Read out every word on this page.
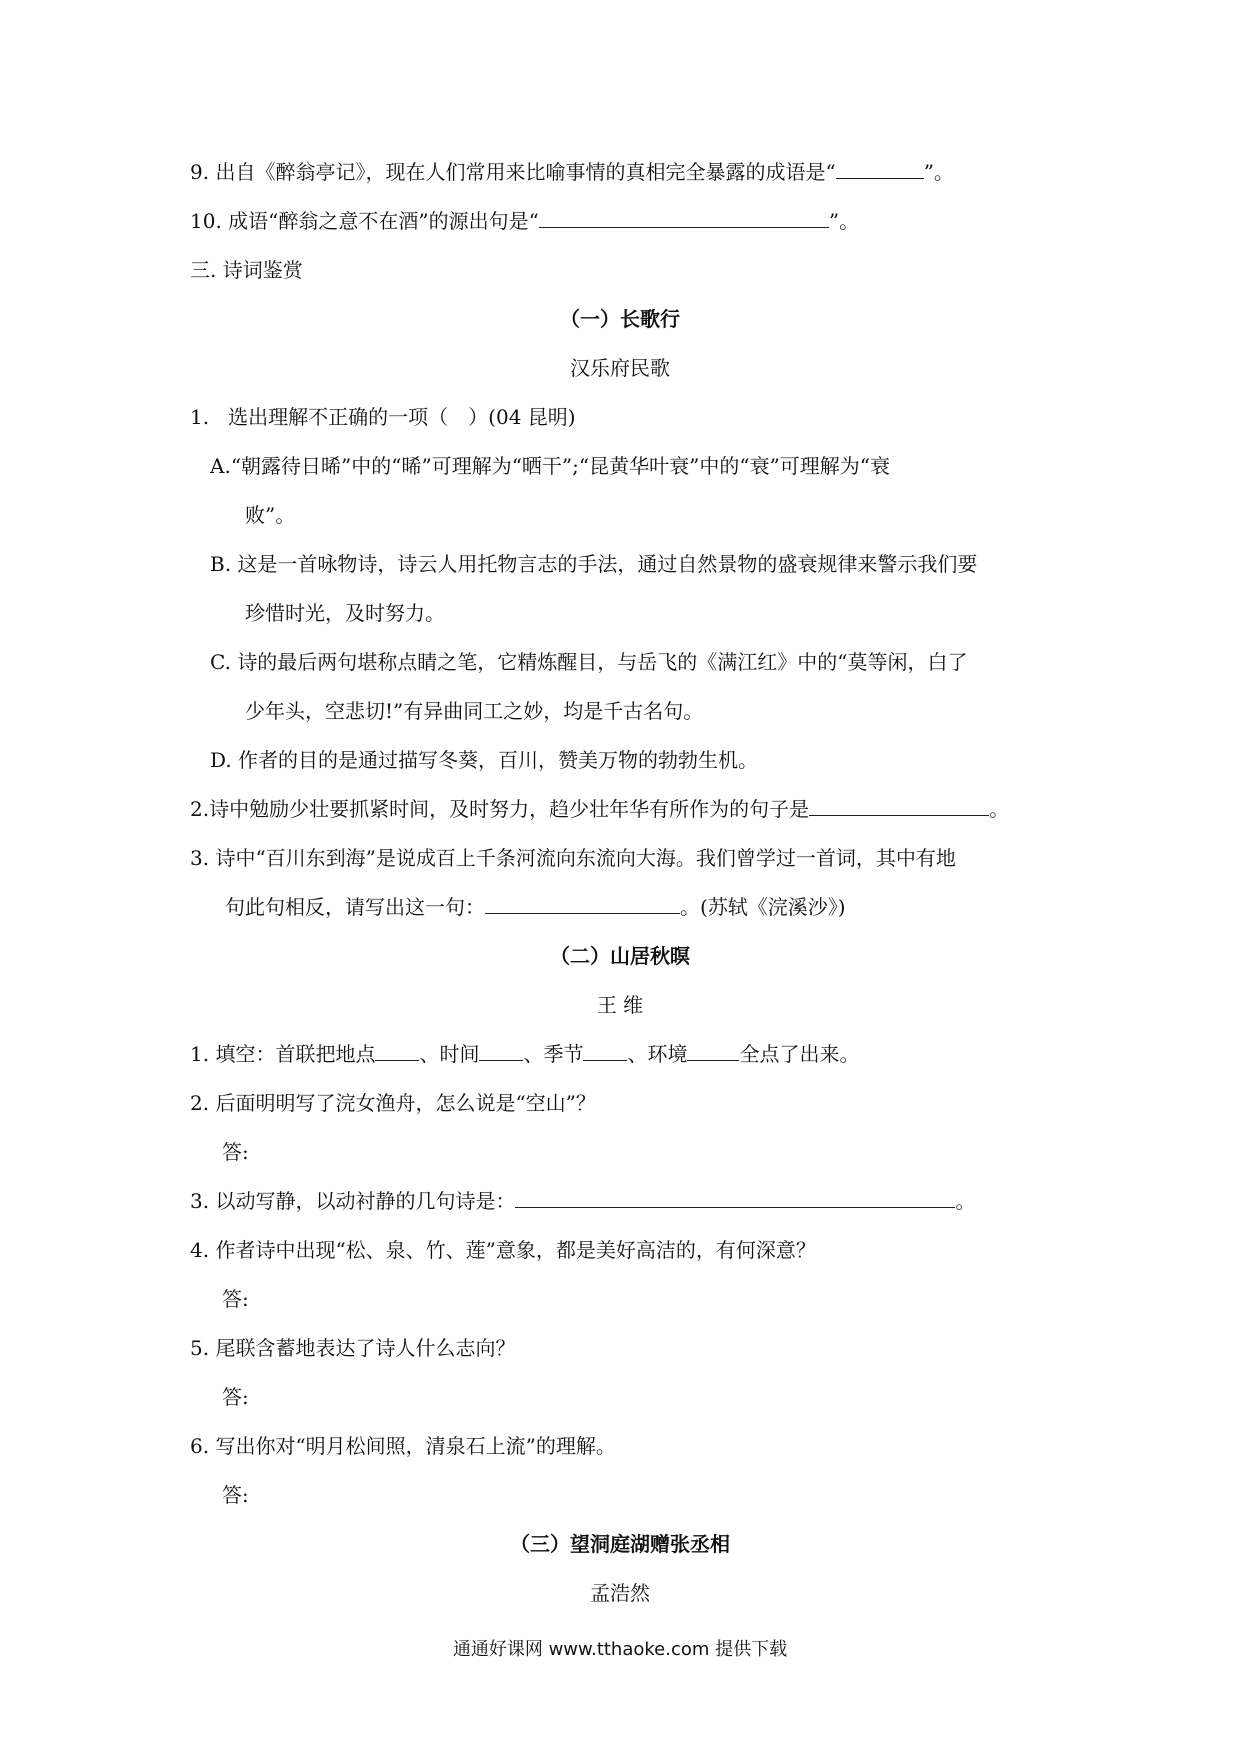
9. 出自《醉翁亭记》，现在人们常用来比喻事情的真相完全暴露的成语是“	”。
10. 成语“醉翁之意不在酒”的源出句是“	”。
三. 诗词鉴赏
（一）长歌行
汉乐府民歌
1. 选出理解不正确的一项（　）(04 昆明)
A.“朝露待日晞”中的“晞”可理解为“晒干”;“昆黄华叶衰”中的“衰”可理解为“衰
败”。
B. 这是一首咏物诗，诗云人用托物言志的手法，通过自然景物的盛衰规律来警示我们要
珍惜时光，及时努力。
C. 诗的最后两句堪称点睛之笔，它精炼醒目，与岳飞的《满江红》中的“莫等闲，白了
少年头，空悲切!”有异曲同工之妙，均是千古名句。
D. 作者的目的是通过描写冬葵，百川，赞美万物的勃勃生机。
2.诗中勉励少壮要抓紧时间，及时努力，趋少壮年华有所作为的句子是	。
3. 诗中“百川东到海”是说成百上千条河流向东流向大海。我们曾学过一首词，其中有地
句此句相反，请写出这一句：	。(苏轼《浣溪沙》)
（二）山居秋暝
王 维
1. 填空：首联把地点 、时间 、季节 、环境	全点了出来。
2. 后面明明写了浣女渔舟，怎么说是“空山”？
答:
3. 以动写静，以动衬静的几句诗是：	。
4. 作者诗中出现“松、泉、竹、莲”意象，都是美好高洁的，有何深意？
答:
5. 尾联含蓄地表达了诗人什么志向？
答:
6. 写出你对“明月松间照，清泉石上流”的理解。
答:
（三）望洞庭湖赠张丞相
孟浩然
通通好课网 www.tthaoke.com 提供下载
